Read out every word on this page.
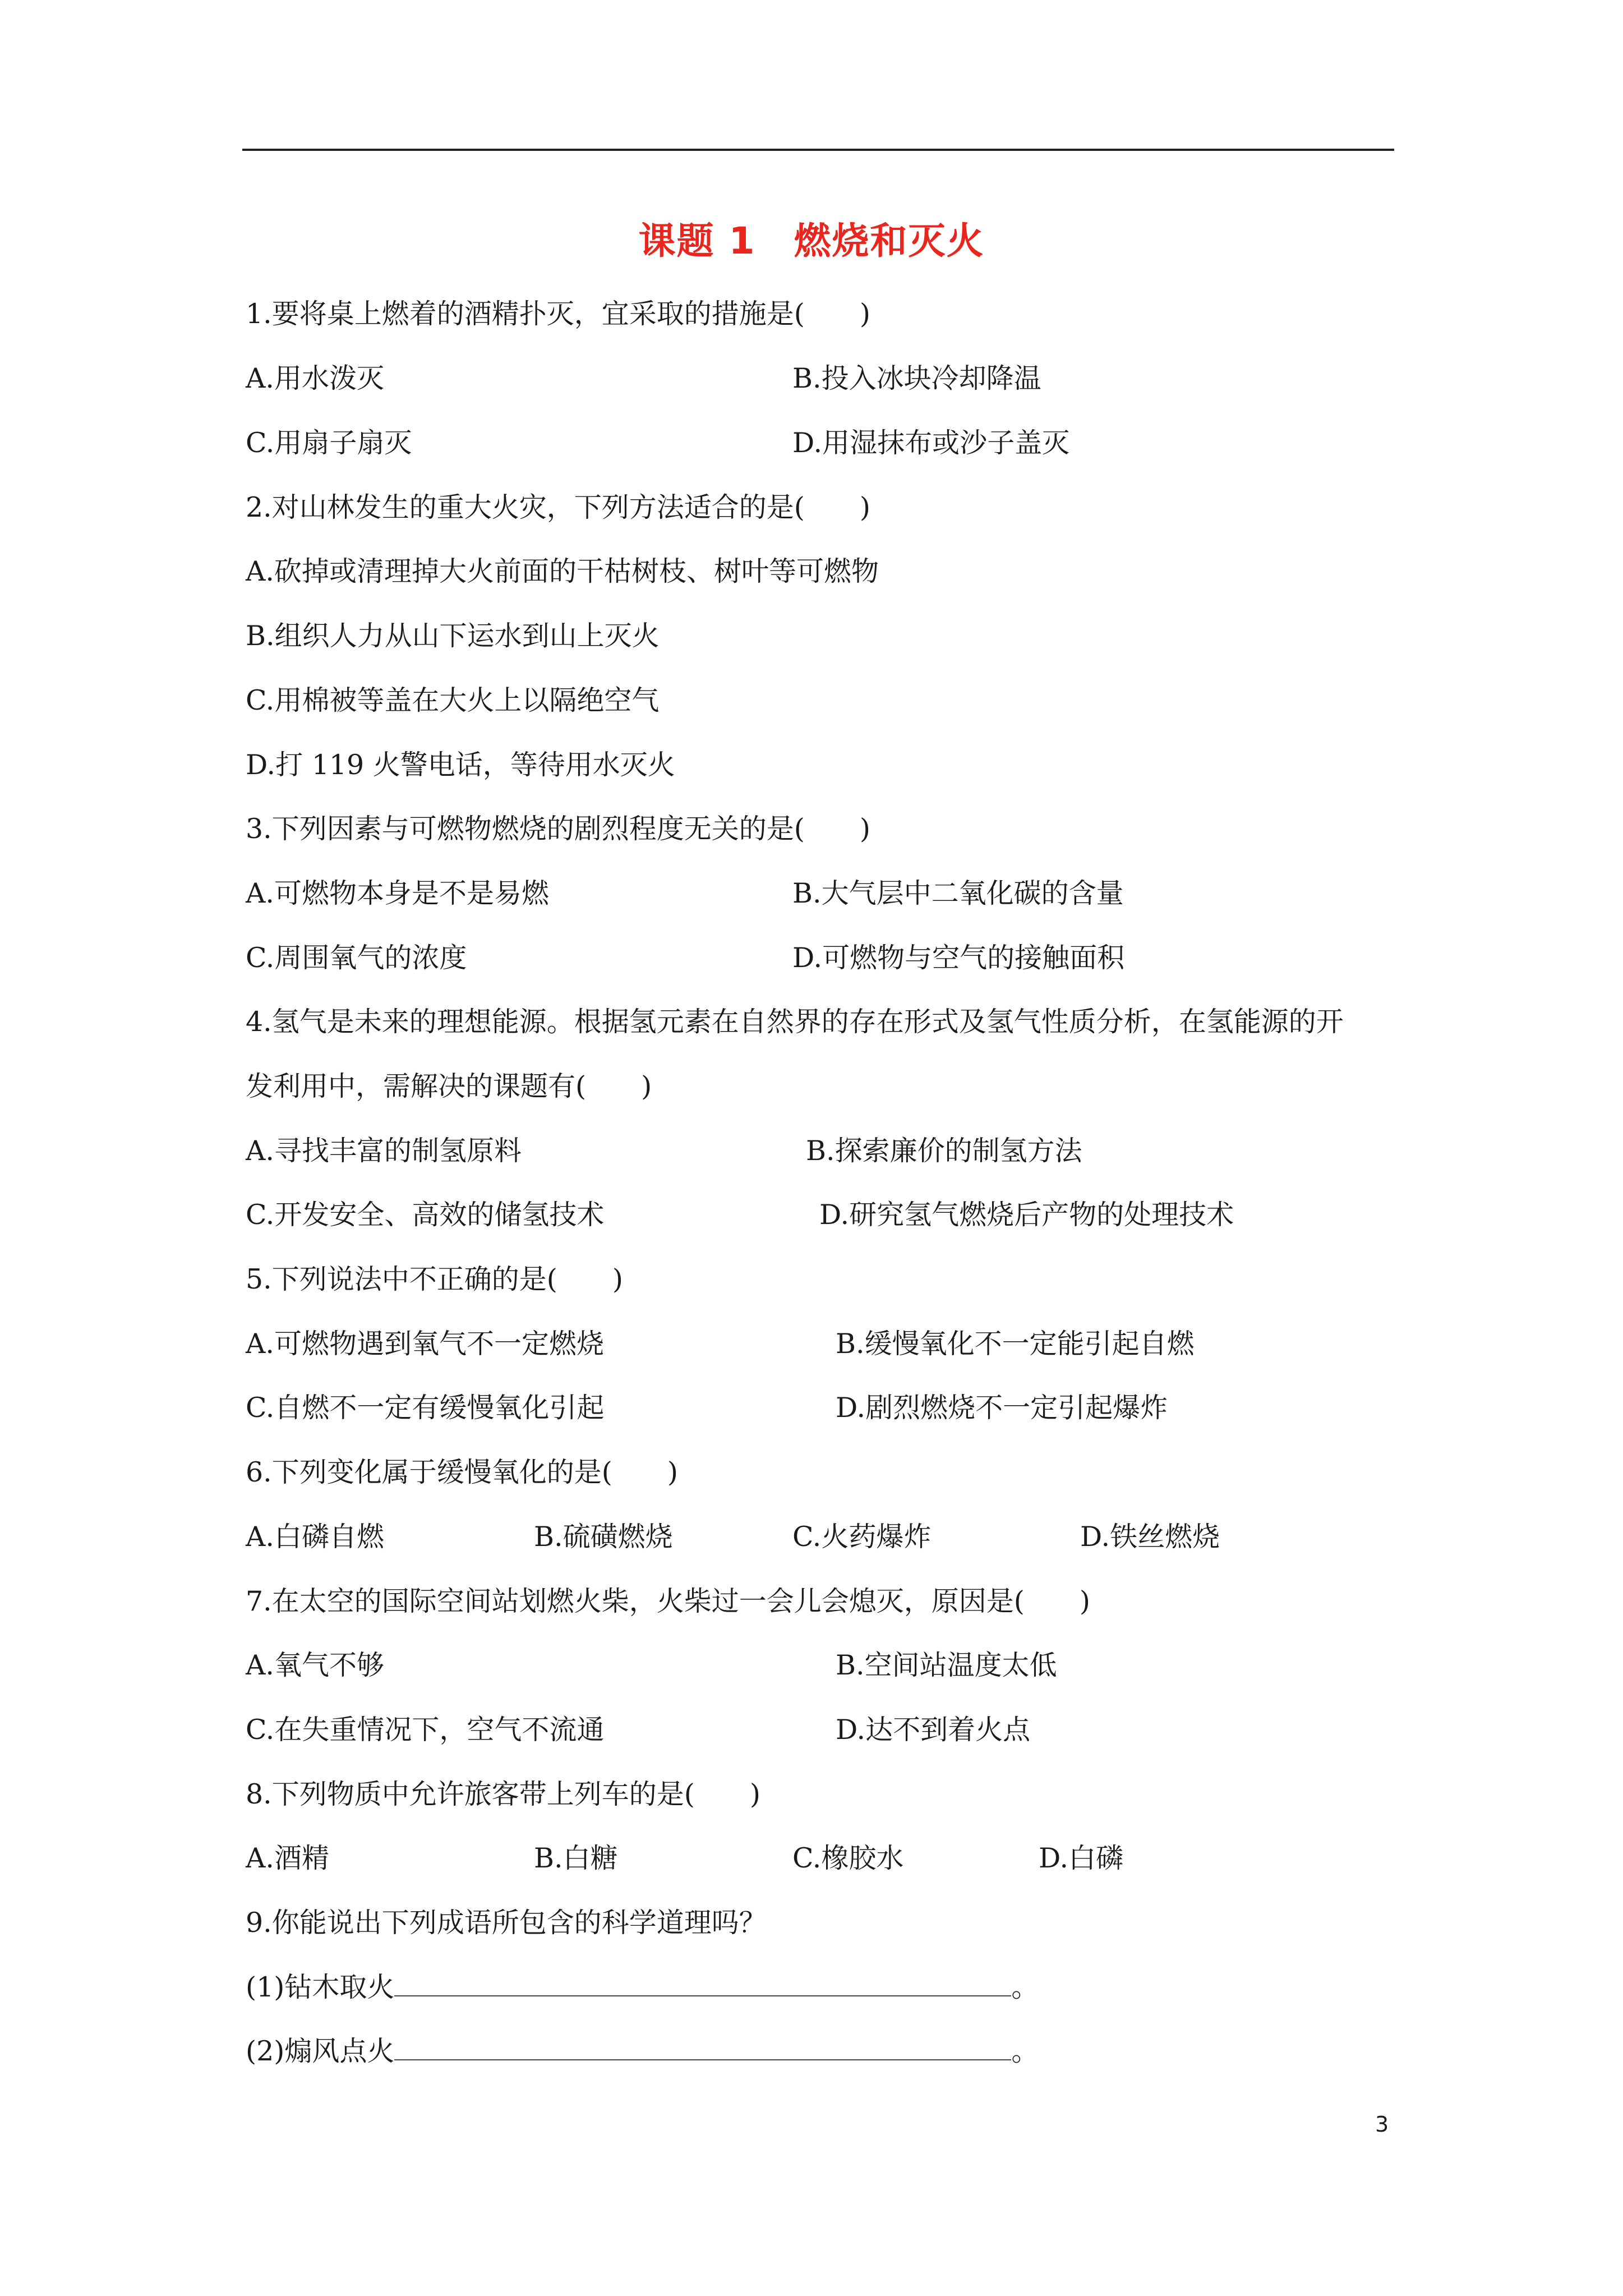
课题 1　燃烧和灭火
1.要将桌上燃着的酒精扑灭，宜采取的措施是(　　)
A.用水泼灭	B.投入冰块冷却降温
C.用扇子扇灭	D.用湿抹布或沙子盖灭
2.对山林发生的重大火灾，下列方法适合的是(　　)
A.砍掉或清理掉大火前面的干枯树枝、树叶等可燃物
B.组织人力从山下运水到山上灭火
C.用棉被等盖在大火上以隔绝空气
D.打 119 火警电话，等待用水灭火
3.下列因素与可燃物燃烧的剧烈程度无关的是(　　)
A.可燃物本身是不是易燃	B.大气层中二氧化碳的含量
C.周围氧气的浓度	D.可燃物与空气的接触面积
4.氢气是未来的理想能源。根据氢元素在自然界的存在形式及氢气性质分析，在氢能源的开
发利用中，需解决的课题有(　　)
A.寻找丰富的制氢原料	B.探索廉价的制氢方法
C.开发安全、高效的储氢技术	D.研究氢气燃烧后产物的处理技术
5.下列说法中不正确的是(　　)
A.可燃物遇到氧气不一定燃烧	B.缓慢氧化不一定能引起自燃
C.自燃不一定有缓慢氧化引起	D.剧烈燃烧不一定引起爆炸
6.下列变化属于缓慢氧化的是(　　)
A.白磷自燃	B.硫磺燃烧	C.火药爆炸	D.铁丝燃烧
7.在太空的国际空间站划燃火柴，火柴过一会儿会熄灭，原因是(　　)
A.氧气不够	B.空间站温度太低
C.在失重情况下，空气不流通	D.达不到着火点
8.下列物质中允许旅客带上列车的是(　　)
A.酒精	B.白糖	C.橡胶水	D.白磷
9.你能说出下列成语所包含的科学道理吗？
(1)钻木取火	。
(2)煽风点火	。
3
